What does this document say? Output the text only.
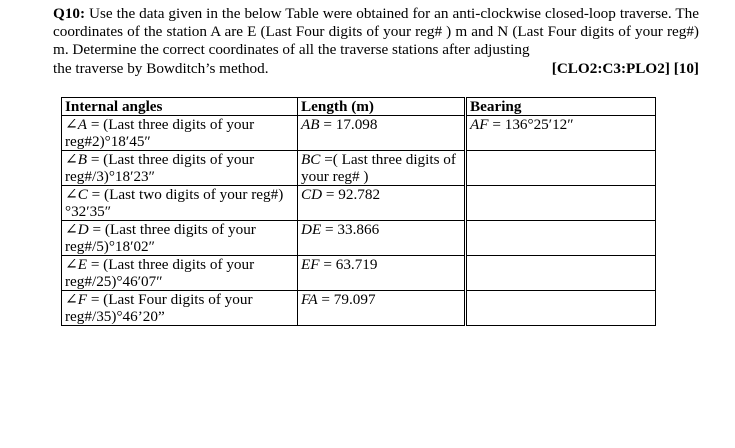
Q10: Use the data given in the below Table were obtained for an anti-clockwise closed-loop traverse. The coordinates of the station A are E (Last Four digits of your reg# ) m and N (Last Four digits of your reg#) m. Determine the correct coordinates of all the traverse stations after adjusting
the traverse by Bowditch’s method.	[CLO2:C3:PLO2] [10]
Internal angles	Length (m)		Bearing
∠A = (Last three digits of your reg#2)°18′45″	AB = 17.098		AF = 136°25′12″
∠B = (Last three digits of your reg#/3)°18′23″	BC =( Last three digits of your reg# )		
∠C = (Last two digits of your reg#)°32′35″	CD = 92.782		
∠D = (Last three digits of your reg#/5)°18′02″	DE = 33.866		
∠E = (Last three digits of your reg#/25)°46′07″	EF = 63.719		
∠F = (Last Four digits of your reg#/35)°46’20”	FA = 79.097		
